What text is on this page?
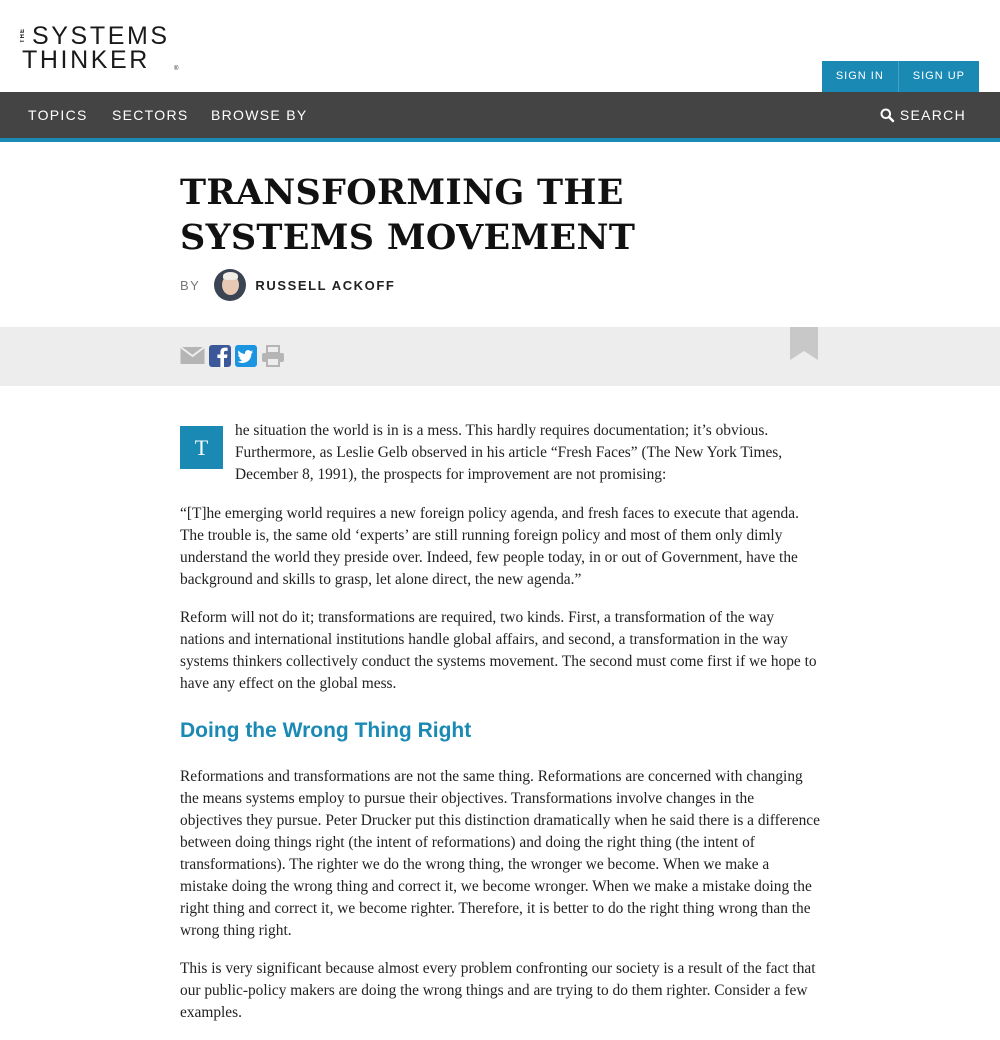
THE SYSTEMS
THINKER	®
SIGN IN	SIGN UP
TOPICS SECTORS BROWSE BY	SEARCH
TRANSFORMING THE SYSTEMS MOVEMENT
BY	RUSSELL ACKOFF
T

he situation the world is in is a mess. This hardly requires documentation; it’s obvious. Furthermore, as Leslie Gelb observed in his article “Fresh Faces” (The New York Times, December 8, 1991), the prospects for improvement are not promising:

“[T]he emerging world requires a new foreign policy agenda, and fresh faces to execute that agenda. The trouble is, the same old ‘experts’ are still running foreign policy and most of them only dimly understand the world they preside over. Indeed, few people today, in or out of Government, have the background and skills to grasp, let alone direct, the new agenda.”

Reform will not do it; transformations are required, two kinds. First, a transformation of the way nations and international institutions handle global affairs, and second, a transformation in the way systems thinkers collectively conduct the systems movement. The second must come first if we hope to have any effect on the global mess.

Doing the Wrong Thing Right

Reformations and transformations are not the same thing. Reformations are concerned with changing the means systems employ to pursue their objectives. Transformations involve changes in the objectives they pursue. Peter Drucker put this distinction dramatically when he said there is a difference between doing things right (the intent of reformations) and doing the right thing (the intent of transformations). The righter we do the wrong thing, the wronger we become. When we make a mistake doing the wrong thing and correct it, we become wronger. When we make a mistake doing the right thing and correct it, we become righter. Therefore, it is better to do the right thing wrong than the wrong thing right.

This is very significant because almost every problem confronting our society is a result of the fact that our public-policy makers are doing the wrong things and are trying to do them righter. Consider a few examples.
